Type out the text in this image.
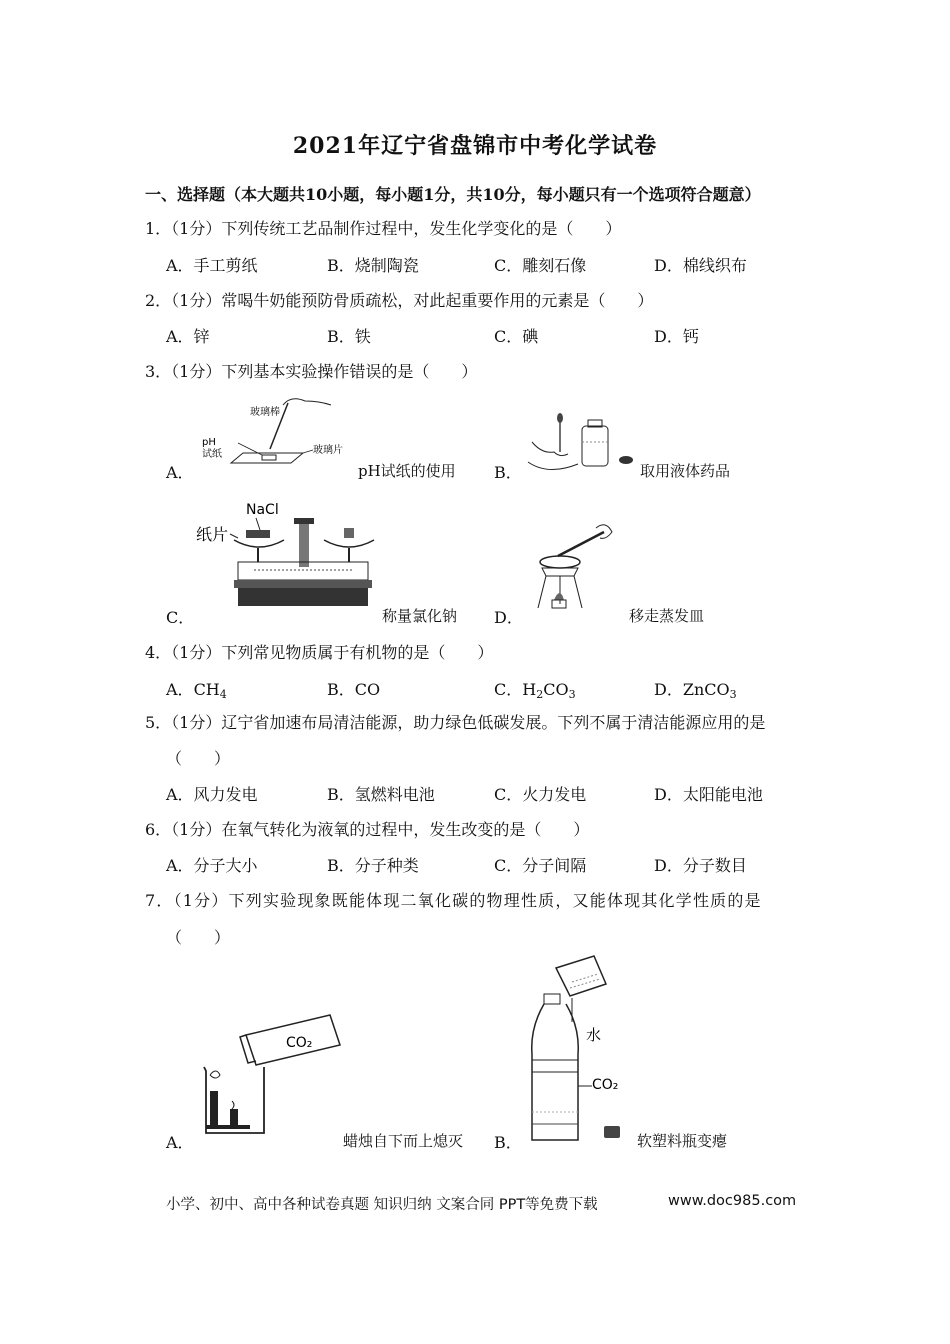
2021年辽宁省盘锦市中考化学试卷
一、选择题（本大题共10小题，每小题1分，共10分，每小题只有一个选项符合题意）
1．（1分）下列传统工艺品制作过程中，发生化学变化的是（　　）
A．手工剪纸	B．烧制陶瓷	C．雕刻石像	D．棉线织布
2．（1分）常喝牛奶能预防骨质疏松，对此起重要作用的元素是（　　）
A．锌	B．铁	C．碘	D．钙
3．（1分）下列基本实验操作错误的是（　　）
A．
玻璃棒
pH
试纸	玻璃片
pH试纸的使用 B．	取用液体药品
C．
NaCl
纸片
称量氯化钠 D．	移走蒸发皿
4．（1分）下列常见物质属于有机物的是（　　）
A．$CH_4$	B．CO	C．$H_2CO_3$	D．ZnCO$_3$
5．（1分）辽宁省加速布局清洁能源，助力绿色低碳发展。下列不属于清洁能源应用的是
（　　）
A．风力发电	B．氢燃料电池	C．火力发电	D．太阳能电池
6．（1分）在氧气转化为液氧的过程中，发生改变的是（　　）
A．分子大小	B．分子种类	C．分子间隔	D．分子数目
7．（1分）下列实验现象既能体现二氧化碳的物理性质，又能体现其化学性质的是
（　　）
A．
CO₂
蜡烛自下而上熄灭 B．
水
CO₂
软塑料瓶变瘪
小学、初中、高中各种试卷真题 知识归纳 文案合同 PPT等免费下载	www.doc985.com
